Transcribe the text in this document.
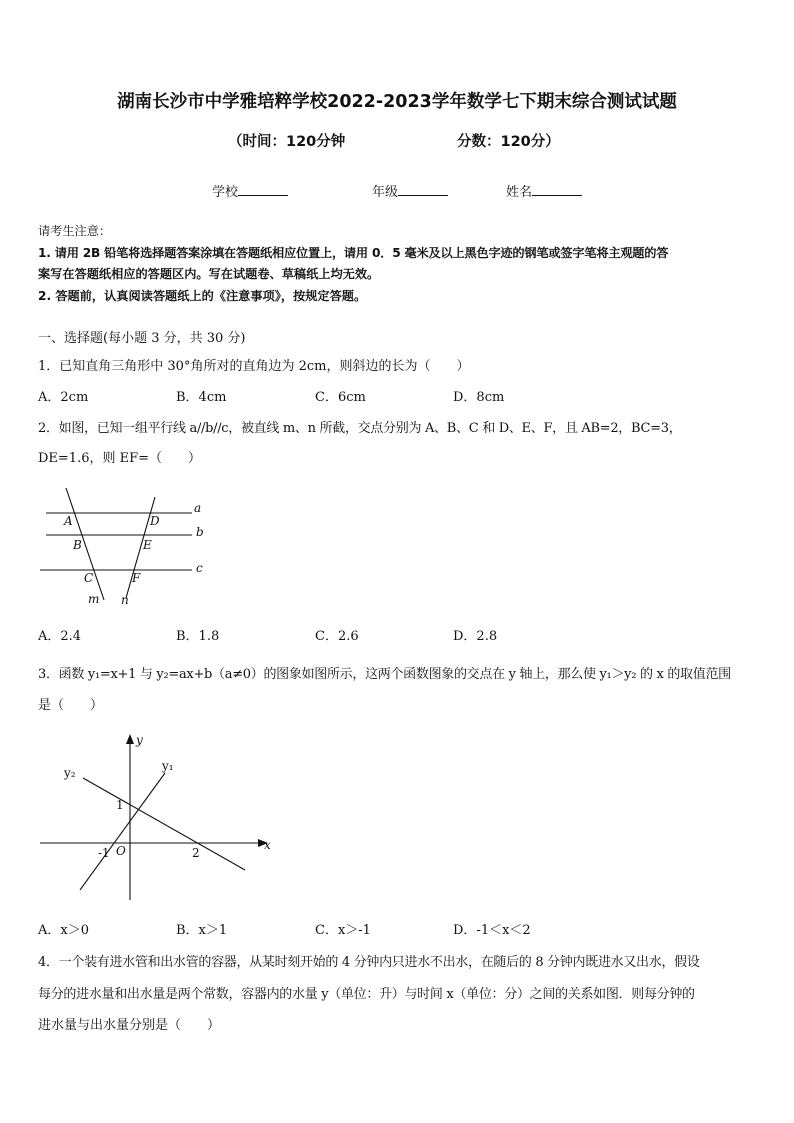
湖南长沙市中学雅培粹学校2022-2023学年数学七下期末综合测试试题
（时间：120分钟	分数：120分）
学校	年级	姓名
请考生注意：
1. 请用 2B 铅笔将选择题答案涂填在答题纸相应位置上，请用 0．5 毫米及以上黑色字迹的钢笔或签字笔将主观题的答
案写在答题纸相应的答题区内。写在试题卷、草稿纸上均无效。
2. 答题前，认真阅读答题纸上的《注意事项》，按规定答题。
一、选择题(每小题 3 分，共 30 分)
1．已知直角三角形中 30°角所对的直角边为 2cm，则斜边的长为（　　）
A．2cm	B．4cm	C．6cm	D．8cm
2．如图，已知一组平行线 a//b//c，被直线 m、n 所截，交点分别为 A、B、C 和 D、E、F，且 AB=2，BC=3，
DE=1.6，则 EF=（　　）
a
b
c
m n
A
B
C
D
E
F
A．2.4	B．1.8	C．2.6	D．2.8
3．函数 y₁=x+1 与 y₂=ax+b（a≠0）的图象如图所示，这两个函数图象的交点在 y 轴上，那么使 y₁＞y₂ 的 x 的取值范围
是（　　）
x
y
O
-1	2
1
y₁
y₂
A．x＞0	B．x＞1	C．x＞-1	D．-1＜x＜2
4．一个装有进水管和出水管的容器，从某时刻开始的 4 分钟内只进水不出水，在随后的 8 分钟内既进水又出水，假设
每分的进水量和出水量是两个常数，容器内的水量 y（单位：升）与时间 x（单位：分）之间的关系如图．则每分钟的
进水量与出水量分别是（　　）
